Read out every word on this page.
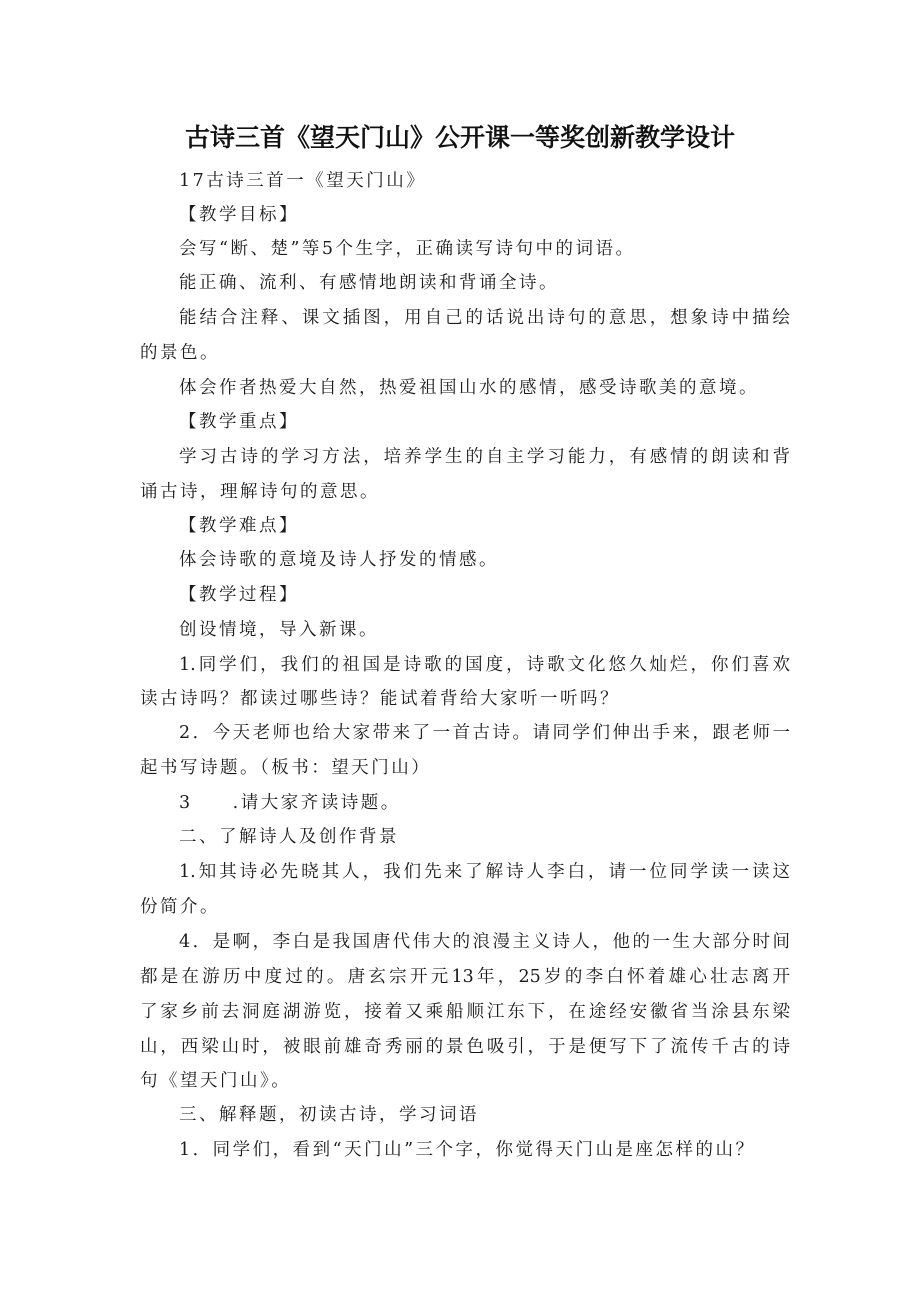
古诗三首《望天门山》公开课一等奖创新教学设计
17古诗三首一《望天门山》
【教学目标】
会写“断、楚”等5个生字，正确读写诗句中的词语。
能正确、流利、有感情地朗读和背诵全诗。
能结合注释、课文插图，用自己的话说出诗句的意思，想象诗中描绘
的景色。
体会作者热爱大自然，热爱祖国山水的感情，感受诗歌美的意境。
【教学重点】
学习古诗的学习方法，培养学生的自主学习能力，有感情的朗读和背
诵古诗，理解诗句的意思。
【教学难点】
体会诗歌的意境及诗人抒发的情感。
【教学过程】
创设情境，导入新课。
1.同学们，我们的祖国是诗歌的国度，诗歌文化悠久灿烂，你们喜欢
读古诗吗？都读过哪些诗？能试着背给大家听一听吗？
2．今天老师也给大家带来了一首古诗。请同学们伸出手来，跟老师一
起书写诗题。（板书：望天门山）
3　　.请大家齐读诗题。
二、了解诗人及创作背景
1.知其诗必先晓其人，我们先来了解诗人李白，请一位同学读一读这
份简介。
4．是啊，李白是我国唐代伟大的浪漫主义诗人，他的一生大部分时间
都是在游历中度过的。唐玄宗开元13年，25岁的李白怀着雄心壮志离开
了家乡前去洞庭湖游览，接着又乘船顺江东下，在途经安徽省当涂县东梁
山，西梁山时，被眼前雄奇秀丽的景色吸引，于是便写下了流传千古的诗
句《望天门山》。
三、解释题，初读古诗，学习词语
1．同学们，看到“天门山”三个字，你觉得天门山是座怎样的山？
